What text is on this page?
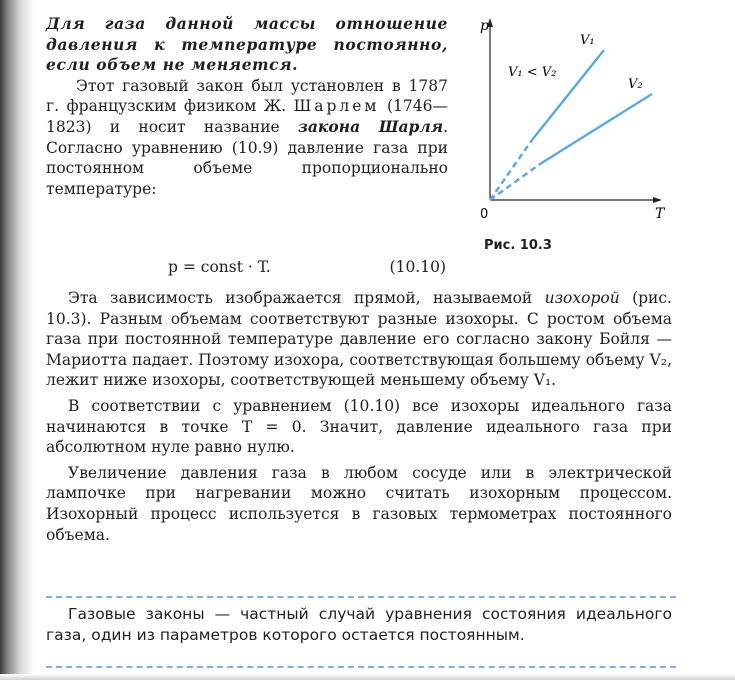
Для газа данной массы отношение давления к температуре постоянно, если объем не меняется.

Этот газовый закон был установлен в 1787 г. французским физиком Ж. Шарлем (1746—1823) и носит название закона Шарля. Согласно уравнению (10.9) давление газа при постоянном объеме пропорционально температуре:

p = const · T.	(10.10)

Эта зависимость изображается прямой, называемой изохорой (рис. 10.3). Разным объемам соответствуют разные изохоры. С ростом объема газа при постоянной температуре давление его согласно закону Бойля — Мариотта падает. Поэтому изохора, соответствующая большему объему V₂, лежит ниже изохоры, соответствующей меньшему объему V₁.

В соответствии с уравнением (10.10) все изохоры идеального газа начинаются в точке T = 0. Значит, давление идеального газа при абсолютном нуле равно нулю.

Увеличение давления газа в любом сосуде или в электрической лампочке при нагревании можно считать изохорным процессом. Изохорный процесс используется в газовых термометрах постоянного объема.

Газовые законы — частный случай уравнения состояния идеального газа, один из параметров которого остается постоянным.

p
T
0
V₁
V₂
V₁ < V₂
Рис. 10.3
